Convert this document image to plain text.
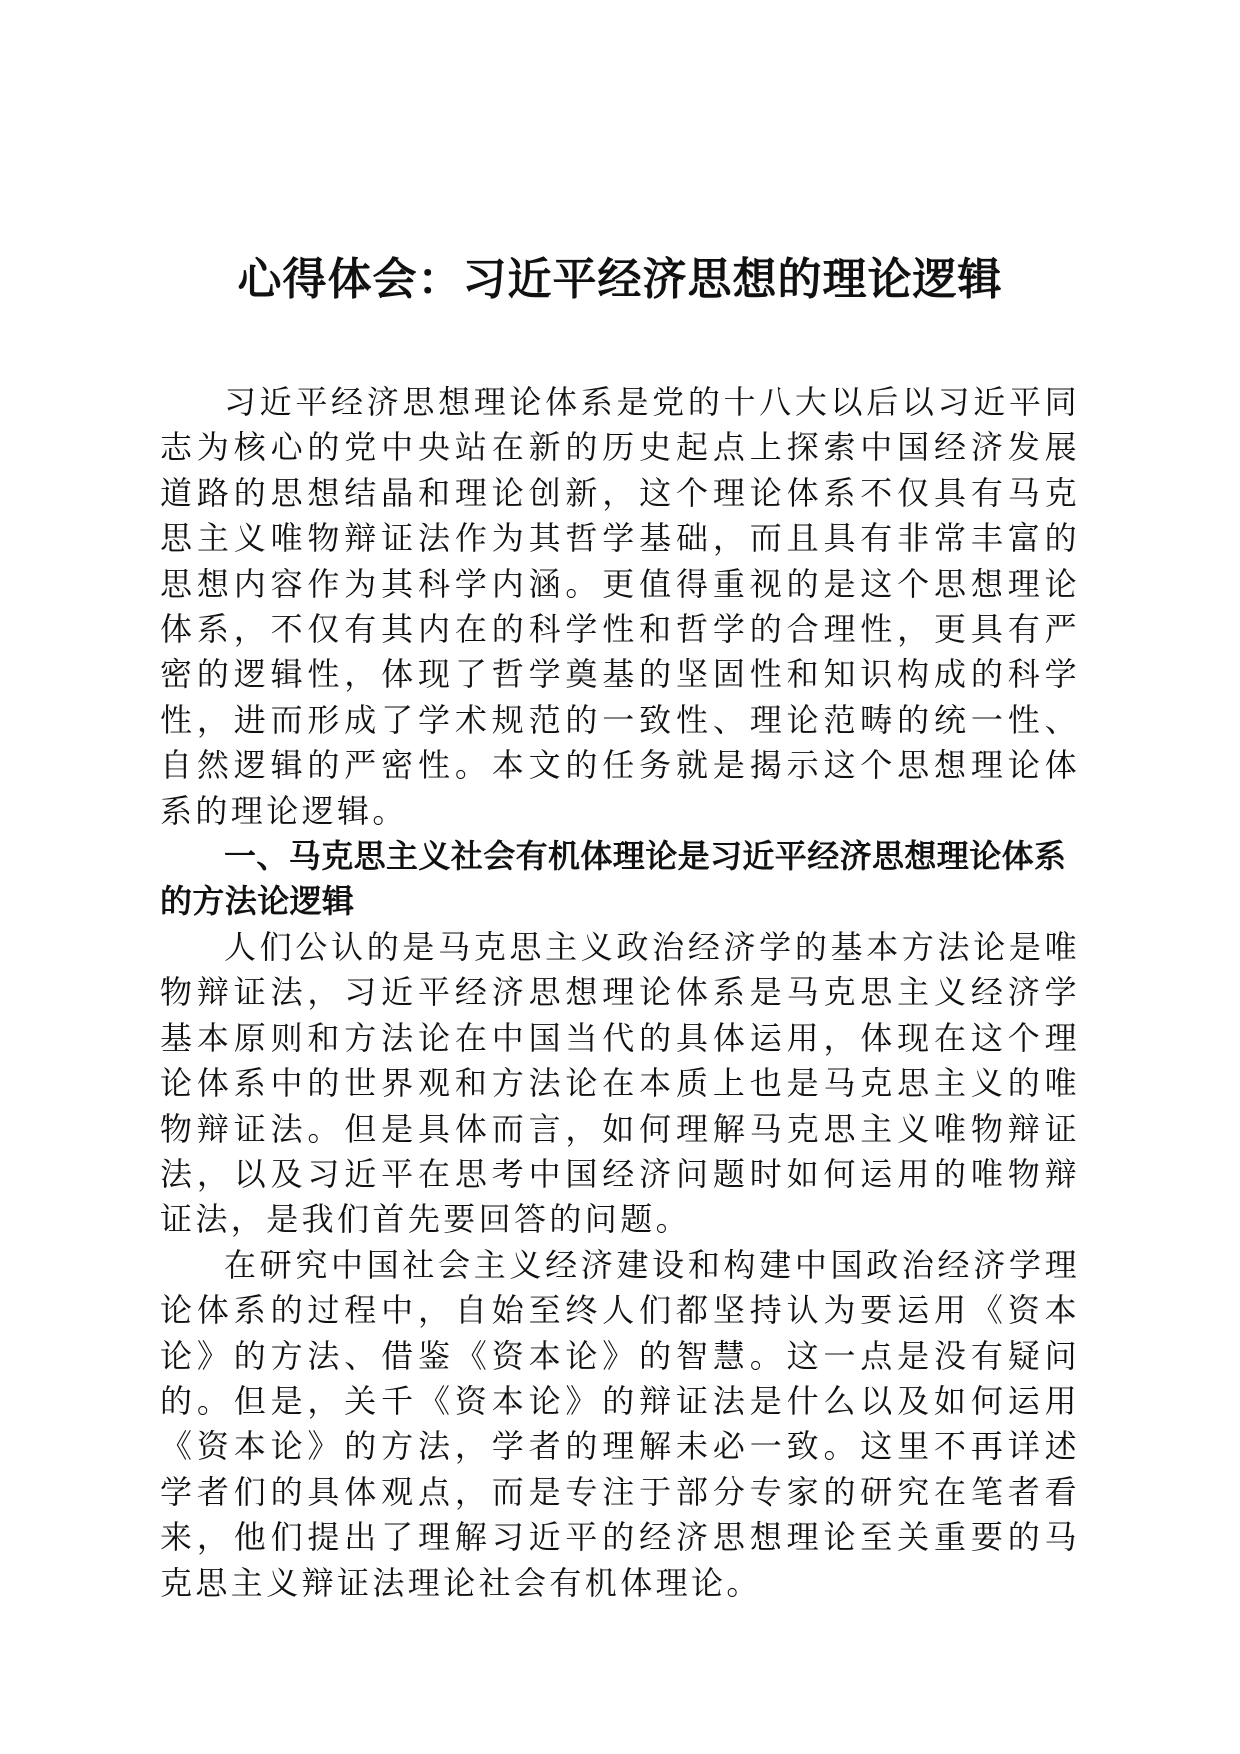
心得体会：习近平经济思想的理论逻辑

习近平经济思想理论体系是党的十八大以后以习近平同志为核心的党中央站在新的历史起点上探索中国经济发展道路的思想结晶和理论创新，这个理论体系不仅具有马克思主义唯物辩证法作为其哲学基础，而且具有非常丰富的思想内容作为其科学内涵。更值得重视的是这个思想理论体系，不仅有其内在的科学性和哲学的合理性，更具有严密的逻辑性，体现了哲学奠基的坚固性和知识构成的科学性，进而形成了学术规范的一致性、理论范畴的统一性、自然逻辑的严密性。本文的任务就是揭示这个思想理论体系的理论逻辑。

一、马克思主义社会有机体理论是习近平经济思想理论体系的方法论逻辑

人们公认的是马克思主义政治经济学的基本方法论是唯物辩证法，习近平经济思想理论体系是马克思主义经济学基本原则和方法论在中国当代的具体运用，体现在这个理论体系中的世界观和方法论在本质上也是马克思主义的唯物辩证法。但是具体而言，如何理解马克思主义唯物辩证法，以及习近平在思考中国经济问题时如何运用的唯物辩证法，是我们首先要回答的问题。

在研究中国社会主义经济建设和构建中国政治经济学理论体系的过程中，自始至终人们都坚持认为要运用《资本论》的方法、借鉴《资本论》的智慧。这一点是没有疑问的。但是，关千《资本论》的辩证法是什么以及如何运用《资本论》的方法，学者的理解未必一致。这里不再详述学者们的具体观点，而是专注于部分专家的研究在笔者看来，他们提出了理解习近平的经济思想理论至关重要的马克思主义辩证法理论社会有机体理论。
